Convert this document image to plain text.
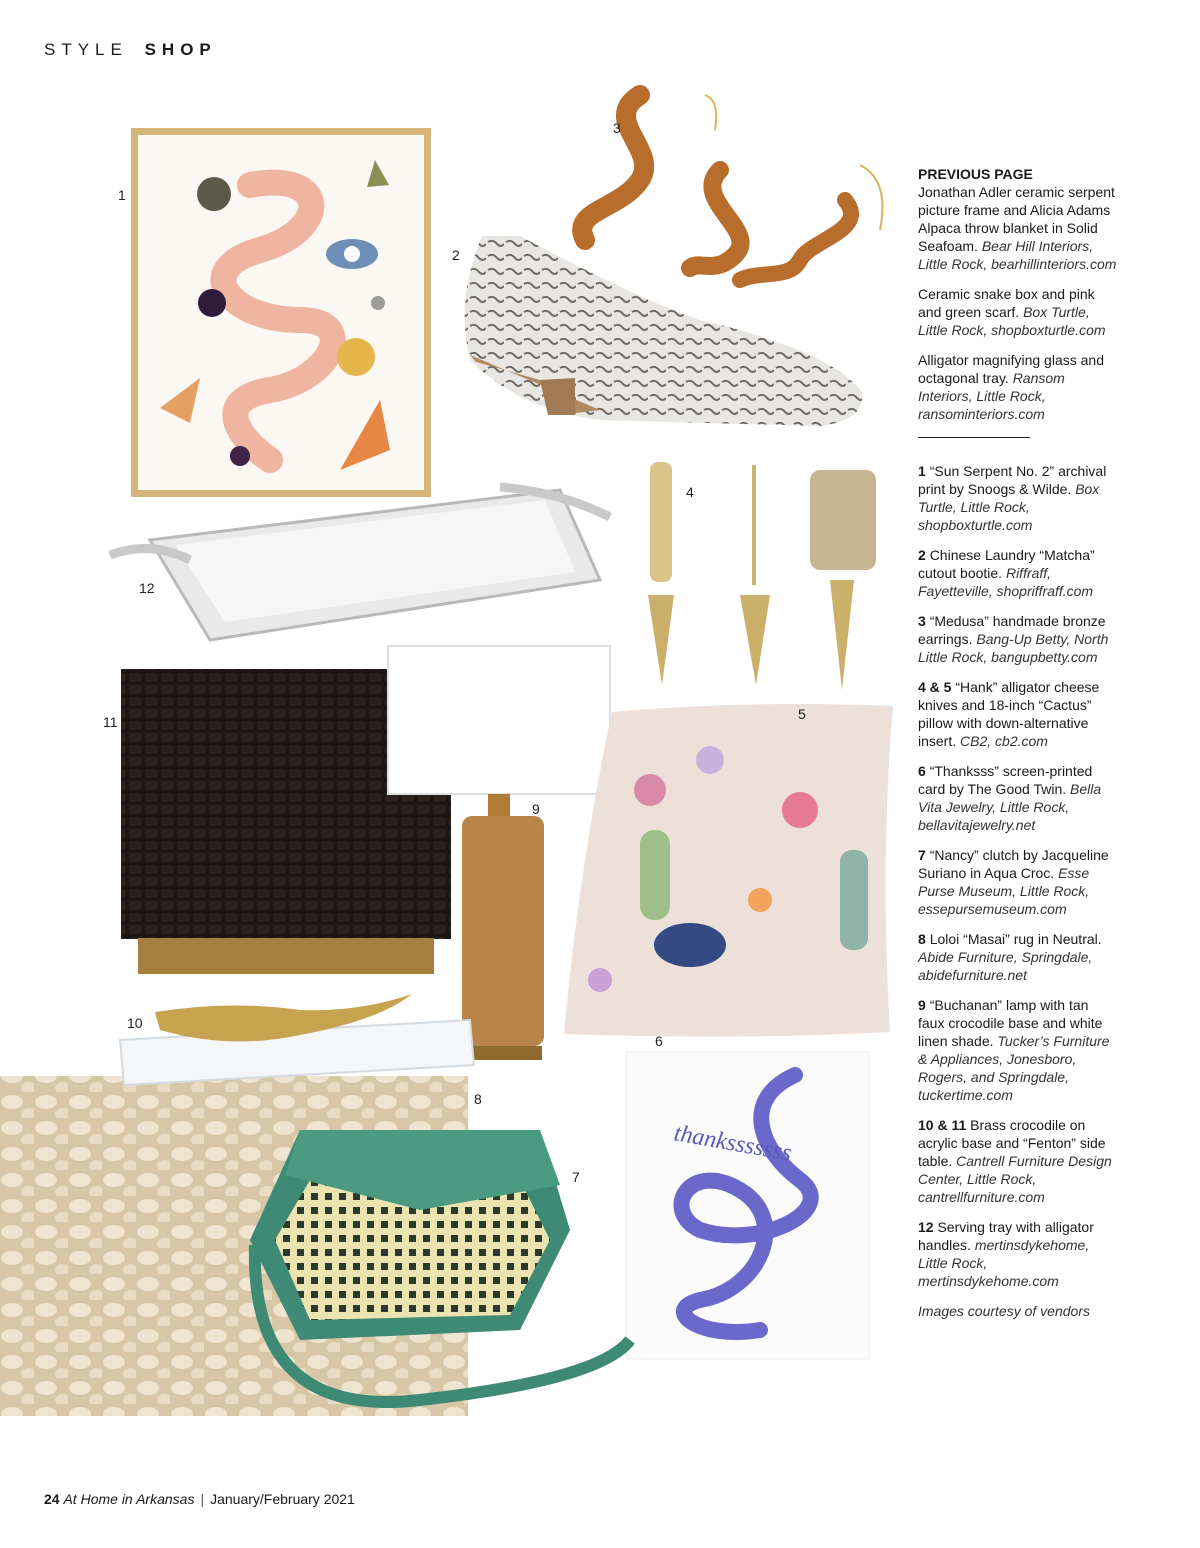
STYLE SHOP
thanksssssss
1
2
3
4
5
6
7
8
9
10
11
12

PREVIOUS PAGE

Jonathan Adler ceramic serpent picture frame and Alicia Adams Alpaca throw blanket in Solid Seafoam. Bear Hill Interiors, Little Rock, bearhillinteriors.com

Ceramic snake box and pink and green scarf. Box Turtle, Little Rock, shopboxturtle.com

Alligator magnifying glass and octagonal tray. Ransom Interiors, Little Rock, ransominteriors.com

1 “Sun Serpent No. 2” archival print by Snoogs & Wilde. Box Turtle, Little Rock, shopboxturtle.com

2 Chinese Laundry “Matcha” cutout bootie. Riffraff, Fayetteville, shopriffraff.com

3 “Medusa” handmade bronze earrings. Bang-Up Betty, North Little Rock, bangupbetty.com

4 & 5 “Hank” alligator cheese knives and 18-inch “Cactus” pillow with down-alternative insert. CB2, cb2.com

6 “Thanksss” screen-printed card by The Good Twin. Bella Vita Jewelry, Little Rock, bellavitajewelry.net

7 “Nancy” clutch by Jacqueline Suriano in Aqua Croc. Esse Purse Museum, Little Rock, essepursemuseum.com

8 Loloi “Masai” rug in Neutral. Abide Furniture, Springdale, abidefurniture.net

9 “Buchanan” lamp with tan faux crocodile base and white linen shade. Tucker’s Furniture & Appliances, Jonesboro, Rogers, and Springdale, tuckertime.com

10 & 11 Brass crocodile on acrylic base and “Fenton” side table. Cantrell Furniture Design Center, Little Rock, cantrellfurniture.com

12 Serving tray with alligator handles. mertinsdykehome, Little Rock, mertinsdykehome.com

Images courtesy of vendors

24 At Home in Arkansas | January/February 2021
